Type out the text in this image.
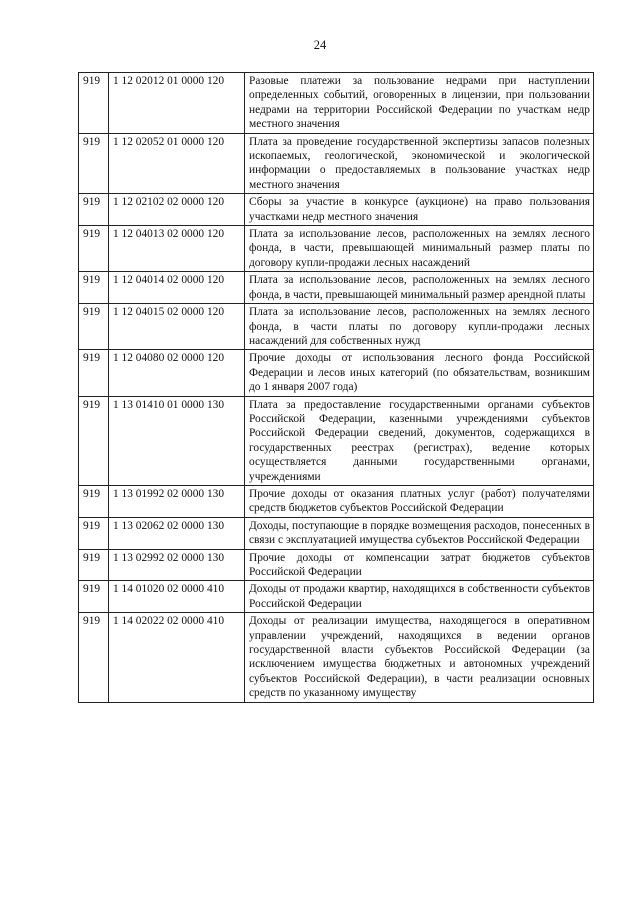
24
919	1 12 02012 01 0000 120	Разовые платежи за пользование недрами при наступлении определенных событий, оговоренных в лицензии, при пользовании недрами на территории Российской Федерации по участкам недр местного значения
919	1 12 02052 01 0000 120	Плата за проведение государственной экспертизы запасов полезных ископаемых, геологической, экономической и экологической информации о предоставляемых в пользование участках недр местного значения
919	1 12 02102 02 0000 120	Сборы за участие в конкурсе (аукционе) на право пользования участками недр местного значения
919	1 12 04013 02 0000 120	Плата за использование лесов, расположенных на землях лесного фонда, в части, превышающей минимальный размер платы по договору купли-продажи лесных насаждений
919	1 12 04014 02 0000 120	Плата за использование лесов, расположенных на землях лесного фонда, в части, превышающей минимальный размер арендной платы
919	1 12 04015 02 0000 120	Плата за использование лесов, расположенных на землях лесного фонда, в части платы по договору купли-продажи лесных насаждений для собственных нужд
919	1 12 04080 02 0000 120	Прочие доходы от использования лесного фонда Российской Федерации и лесов иных категорий (по обязательствам, возникшим до 1 января 2007 года)
919	1 13 01410 01 0000 130	Плата за предоставление государственными органами субъектов Российской Федерации, казенными учреждениями субъектов Российской Федерации сведений, документов, содержащихся в государственных реестрах (регистрах), ведение которых осуществляется данными государственными органами, учреждениями
919	1 13 01992 02 0000 130	Прочие доходы от оказания платных услуг (работ) получателями средств бюджетов субъектов Российской Федерации
919	1 13 02062 02 0000 130	Доходы, поступающие в порядке возмещения расходов, понесенных в связи с эксплуатацией имущества субъектов Российской Федерации
919	1 13 02992 02 0000 130	Прочие доходы от компенсации затрат бюджетов субъектов Российской Федерации
919	1 14 01020 02 0000 410	Доходы от продажи квартир, находящихся в собственности субъектов Российской Федерации
919	1 14 02022 02 0000 410	Доходы от реализации имущества, находящегося в оперативном управлении учреждений, находящихся в ведении органов государственной власти субъектов Российской Федерации (за исключением имущества бюджетных и автономных учреждений субъектов Российской Федерации), в части реализации основных средств по указанному имуществу
